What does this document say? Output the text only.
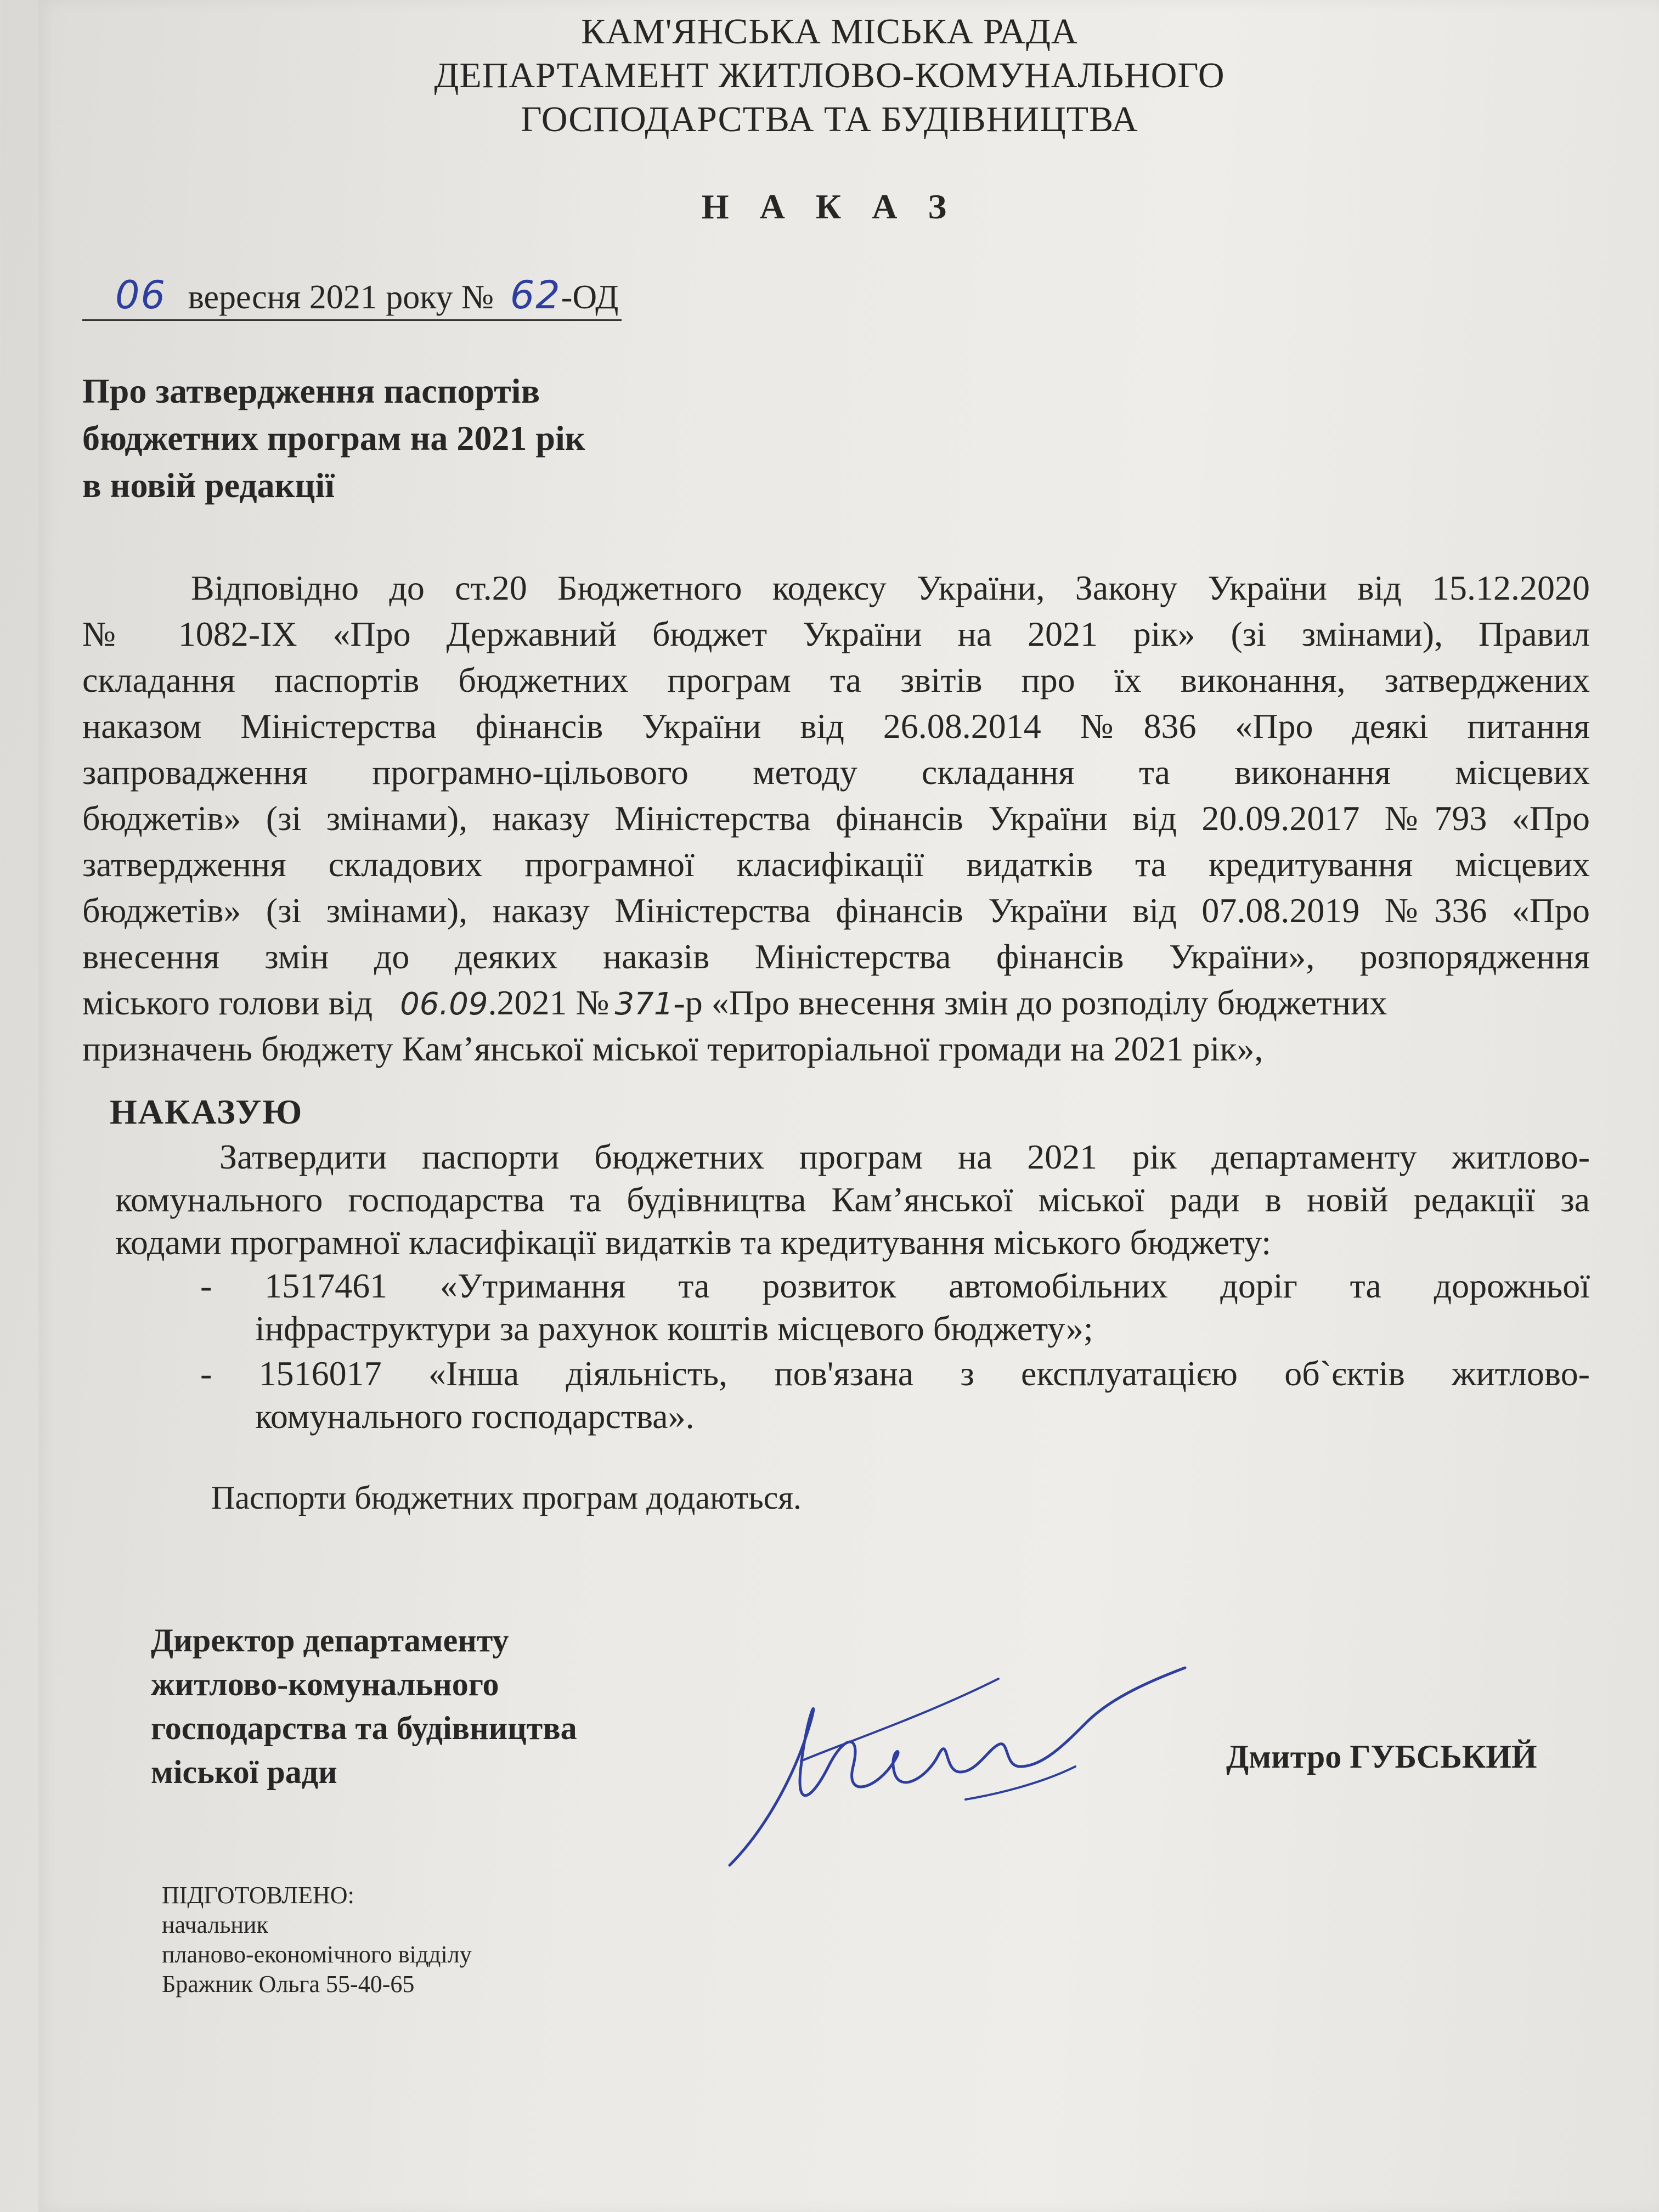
КАМ'ЯНСЬКА МІСЬКА РАДА
ДЕПАРТАМЕНТ ЖИТЛОВО-КОМУНАЛЬНОГО
ГОСПОДАРСТВА ТА БУДІВНИЦТВА
Н А К А З
06 вересня 2021 року № 62-ОД
Про затвердження паспортів
бюджетних програм на 2021 рік
в новій редакції
Відповідно до ст.20 Бюджетного кодексу України, Закону України від 15.12.2020
№ 1082-IX «Про Державний бюджет України на 2021 рік» (зі змінами), Правил
складання паспортів бюджетних програм та звітів про їх виконання, затверджених
наказом Міністерства фінансів України від 26.08.2014 №836 «Про деякі питання
запровадження програмно-цільового методу складання та виконання місцевих
бюджетів» (зі змінами), наказу Міністерства фінансів України від 20.09.2017 №793 «Про
затвердження складових програмної класифікації видатків та кредитування місцевих
бюджетів» (зі змінами), наказу Міністерства фінансів України від 07.08.2019 №336 «Про
внесення змін до деяких наказів Міністерства фінансів України», розпорядження
міського голови від 06.09.2021 № 371-р «Про внесення змін до розподілу бюджетних
призначень бюджету Кам’янської міської територіальної громади на 2021 рік»,
НАКАЗУЮ
Затвердити паспорти бюджетних програм на 2021 рік департаменту житлово-
комунального господарства та будівництва Кам’янської міської ради в новій редакції за
кодами програмної класифікації видатків та кредитування міського бюджету:
- 1517461 «Утримання та розвиток автомобільних доріг та дорожньої
інфраструктури за рахунок коштів місцевого бюджету»;
- 1516017 «Інша діяльність, пов'язана з експлуатацією об`єктів житлово-
комунального господарства».
Паспорти бюджетних програм додаються.
Директор департаменту
житлово-комунального
господарства та будівництва
міської ради	Дмитро ГУБСЬКИЙ
ПІДГОТОВЛЕНО:
начальник
планово-економічного відділу
Бражник Ольга 55-40-65
